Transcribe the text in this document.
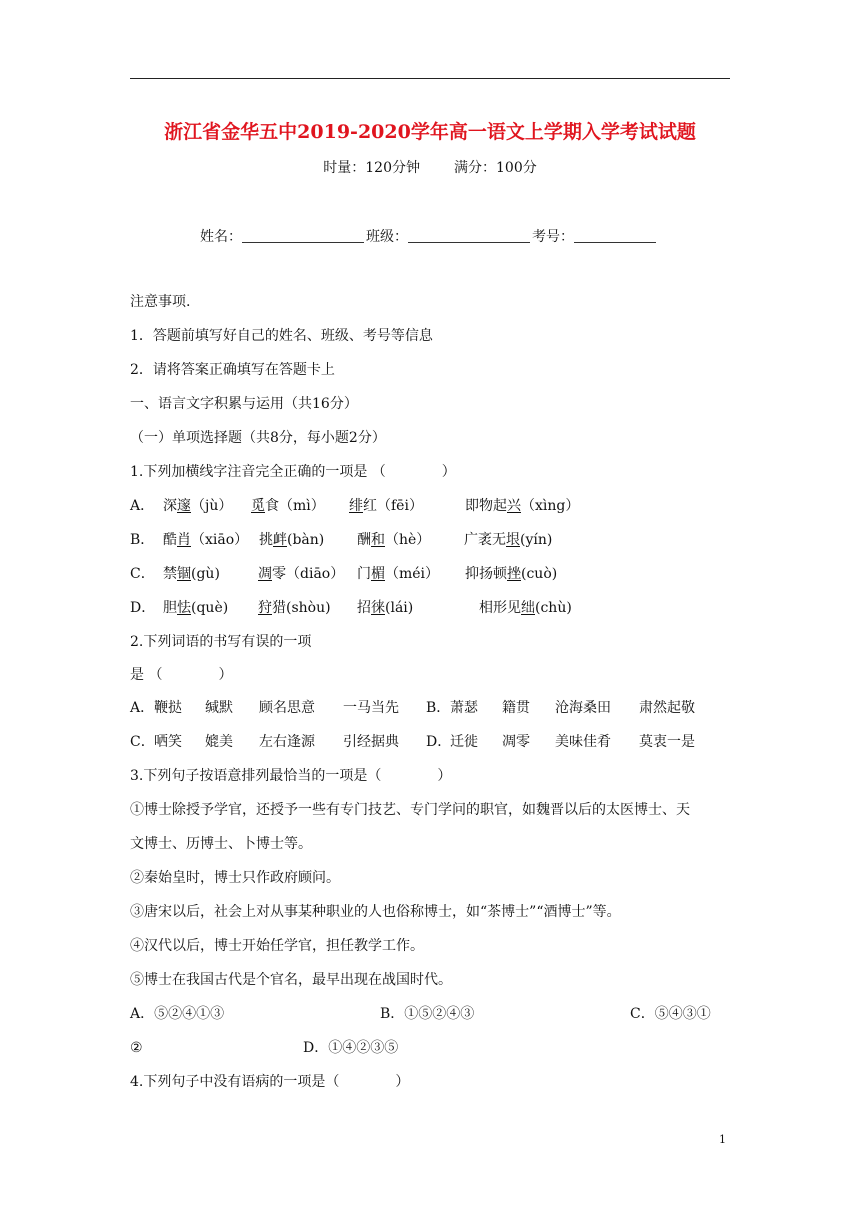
浙江省金华五中2019-2020学年高一语文上学期入学考试试题
时量：120分钟 满分：100分
姓名：	班级：	考号：
注意事项.
1．答题前填写好自己的姓名、班级、考号等信息
2．请将答案正确填写在答题卡上
一、语言文字积累与运用（共16分）
（一）单项选择题（共8分，每小题2分）
1.下列加横线字注音完全正确的一项是 （　　　　）
A． 深邃（jù） 觅食（mì） 绯红（fēi）	即物起兴（xìng）
B． 酷肖（xiāo） 挑衅(bàn) 酬和（hè） 广袤无垠(yín)
C． 禁锢(gù)	凋零（diāo） 门楣（méi） 抑扬顿挫(cuò)
D． 胆怯(què) 狩猎(shòu) 招徕(lái)	相形见绌(chù)
2.下列词语的书写有误的一项
是 （　　　　）
A． 鞭挞 缄默 顾名思意 一马当先 B． 萧瑟 籍贯 沧海桑田 肃然起敬
C． 哂笑 媲美 左右逢源 引经据典 D．
迁徙 凋零 美味佳肴 莫衷一是
3.下列句子按语意排列最恰当的一项是（　　　　）
①博士除授予学官，还授予一些有专门技艺、专门学问的职官，如魏晋以后的太医博士、天
文博士、历博士、卜博士等。
②秦始皇时，博士只作政府顾问。
③唐宋以后，社会上对从事某种职业的人也俗称博士，如“茶博士”“酒博士”等。
④汉代以后，博士开始任学官，担任教学工作。
⑤博士在我国古代是个官名，最早出现在战国时代。
A．⑤②④①③	B．①⑤②④③	C．⑤④③①
②	D．①④②③⑤
4.下列句子中没有语病的一项是（　　　　）
1
